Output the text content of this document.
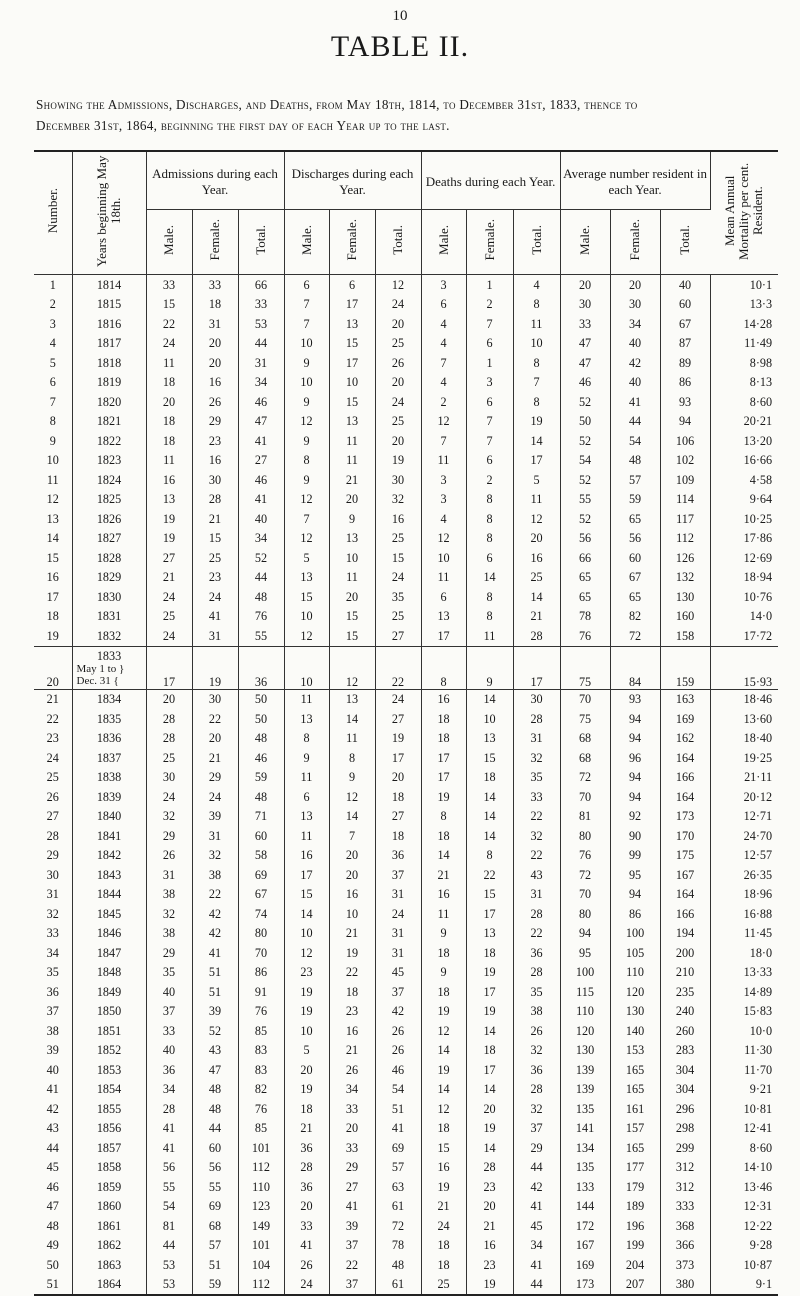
10
TABLE II.
Showing the Admissions, Discharges, and Deaths, from May 18th, 1814, to December 31st, 1833, thence to
December 31st, 1864, beginning the first day of each Year up to the last.
Number.	Years beginning May 18th.	Admissions during each Year.			Discharges during each Year.			Deaths during each Year.			Average number resident in each Year.			Mean Annual Mortality per cent. Resident.
		Male.	Female.	Total.	Male.	Female.	Total.	Male.	Female.	Total.	Male.	Female.	Total.	
1	1814	33	33	66	6	6	12	3	1	4	20	20	40	10·1
2	1815	15	18	33	7	17	24	6	2	8	30	30	60	13·3
3	1816	22	31	53	7	13	20	4	7	11	33	34	67	14·28
4	1817	24	20	44	10	15	25	4	6	10	47	40	87	11·49
5	1818	11	20	31	9	17	26	7	1	8	47	42	89	8·98
6	1819	18	16	34	10	10	20	4	3	7	46	40	86	8·13
7	1820	20	26	46	9	15	24	2	6	8	52	41	93	8·60
8	1821	18	29	47	12	13	25	12	7	19	50	44	94	20·21
9	1822	18	23	41	9	11	20	7	7	14	52	54	106	13·20
10	1823	11	16	27	8	11	19	11	6	17	54	48	102	16·66
11	1824	16	30	46	9	21	30	3	2	5	52	57	109	4·58
12	1825	13	28	41	12	20	32	3	8	11	55	59	114	9·64
13	1826	19	21	40	7	9	16	4	8	12	52	65	117	10·25
14	1827	19	15	34	12	13	25	12	8	20	56	56	112	17·86
15	1828	27	25	52	5	10	15	10	6	16	66	60	126	12·69
16	1829	21	23	44	13	11	24	11	14	25	65	67	132	18·94
17	1830	24	24	48	15	20	35	6	8	14	65	65	130	10·76
18	1831	25	41	76	10	15	25	13	8	21	78	82	160	14·0
19	1832	24	31	55	12	15	27	17	11	28	76	72	158	17·72
20	1833
May 1 to }
Dec. 31 {	17	19	36	10	12	22	8	9	17	75	84	159	15·93
21	1834	20	30	50	11	13	24	16	14	30	70	93	163	18·46
22	1835	28	22	50	13	14	27	18	10	28	75	94	169	13·60
23	1836	28	20	48	8	11	19	18	13	31	68	94	162	18·40
24	1837	25	21	46	9	8	17	17	15	32	68	96	164	19·25
25	1838	30	29	59	11	9	20	17	18	35	72	94	166	21·11
26	1839	24	24	48	6	12	18	19	14	33	70	94	164	20·12
27	1840	32	39	71	13	14	27	8	14	22	81	92	173	12·71
28	1841	29	31	60	11	7	18	18	14	32	80	90	170	24·70
29	1842	26	32	58	16	20	36	14	8	22	76	99	175	12·57
30	1843	31	38	69	17	20	37	21	22	43	72	95	167	26·35
31	1844	38	22	67	15	16	31	16	15	31	70	94	164	18·96
32	1845	32	42	74	14	10	24	11	17	28	80	86	166	16·88
33	1846	38	42	80	10	21	31	9	13	22	94	100	194	11·45
34	1847	29	41	70	12	19	31	18	18	36	95	105	200	18·0
35	1848	35	51	86	23	22	45	9	19	28	100	110	210	13·33
36	1849	40	51	91	19	18	37	18	17	35	115	120	235	14·89
37	1850	37	39	76	19	23	42	19	19	38	110	130	240	15·83
38	1851	33	52	85	10	16	26	12	14	26	120	140	260	10·0
39	1852	40	43	83	5	21	26	14	18	32	130	153	283	11·30
40	1853	36	47	83	20	26	46	19	17	36	139	165	304	11·70
41	1854	34	48	82	19	34	54	14	14	28	139	165	304	9·21
42	1855	28	48	76	18	33	51	12	20	32	135	161	296	10·81
43	1856	41	44	85	21	20	41	18	19	37	141	157	298	12·41
44	1857	41	60	101	36	33	69	15	14	29	134	165	299	8·60
45	1858	56	56	112	28	29	57	16	28	44	135	177	312	14·10
46	1859	55	55	110	36	27	63	19	23	42	133	179	312	13·46
47	1860	54	69	123	20	41	61	21	20	41	144	189	333	12·31
48	1861	81	68	149	33	39	72	24	21	45	172	196	368	12·22
49	1862	44	57	101	41	37	78	18	16	34	167	199	366	9·28
50	1863	53	51	104	26	22	48	18	23	41	169	204	373	10·87
51	1864	53	59	112	24	37	61	25	19	44	173	207	380	9·1
